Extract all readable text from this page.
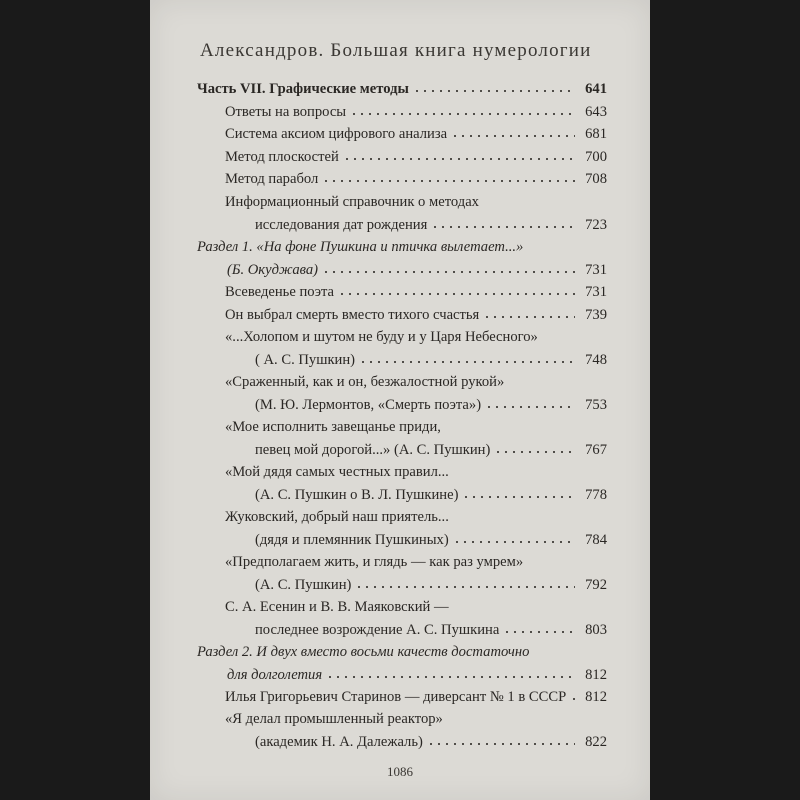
Александров. Большая книга нумерологии
Часть VII. Графические методы	641
Ответы на вопросы	643
Система аксиом цифрового анализа	681
Метод плоскостей	700
Метод парабол	708
Информационный справочник о методах
исследования дат рождения	723
Раздел 1. «На фоне Пушкина и птичка вылетает...»
(Б. Окуджава)	731
Всеведенье поэта	731
Он выбрал смерть вместо тихого счастья	739
«...Холопом и шутом не буду и у Царя Небесного»
( А. С. Пушкин)	748
«Сраженный, как и он, безжалостной рукой»
(М. Ю. Лермонтов, «Смерть поэта»)	753
«Мое исполнить завещанье приди,
певец мой дорогой...» (А. С. Пушкин)	767
«Мой дядя самых честных правил...
(А. С. Пушкин о В. Л. Пушкине)	778
Жуковский, добрый наш приятель...
(дядя и племянник Пушкиных)	784
«Предполагаем жить, и глядь — как раз умрем»
(А. С. Пушкин)	792
С. А. Есенин и В. В. Маяковский —
последнее возрождение А. С. Пушкина	803
Раздел 2. И двух вместо восьми качеств достаточно
для долголетия	812
Илья Григорьевич Старинов — диверсант № 1 в СССР	812
«Я делал промышленный реактор»
(академик Н. А. Далежаль)	822
1086
